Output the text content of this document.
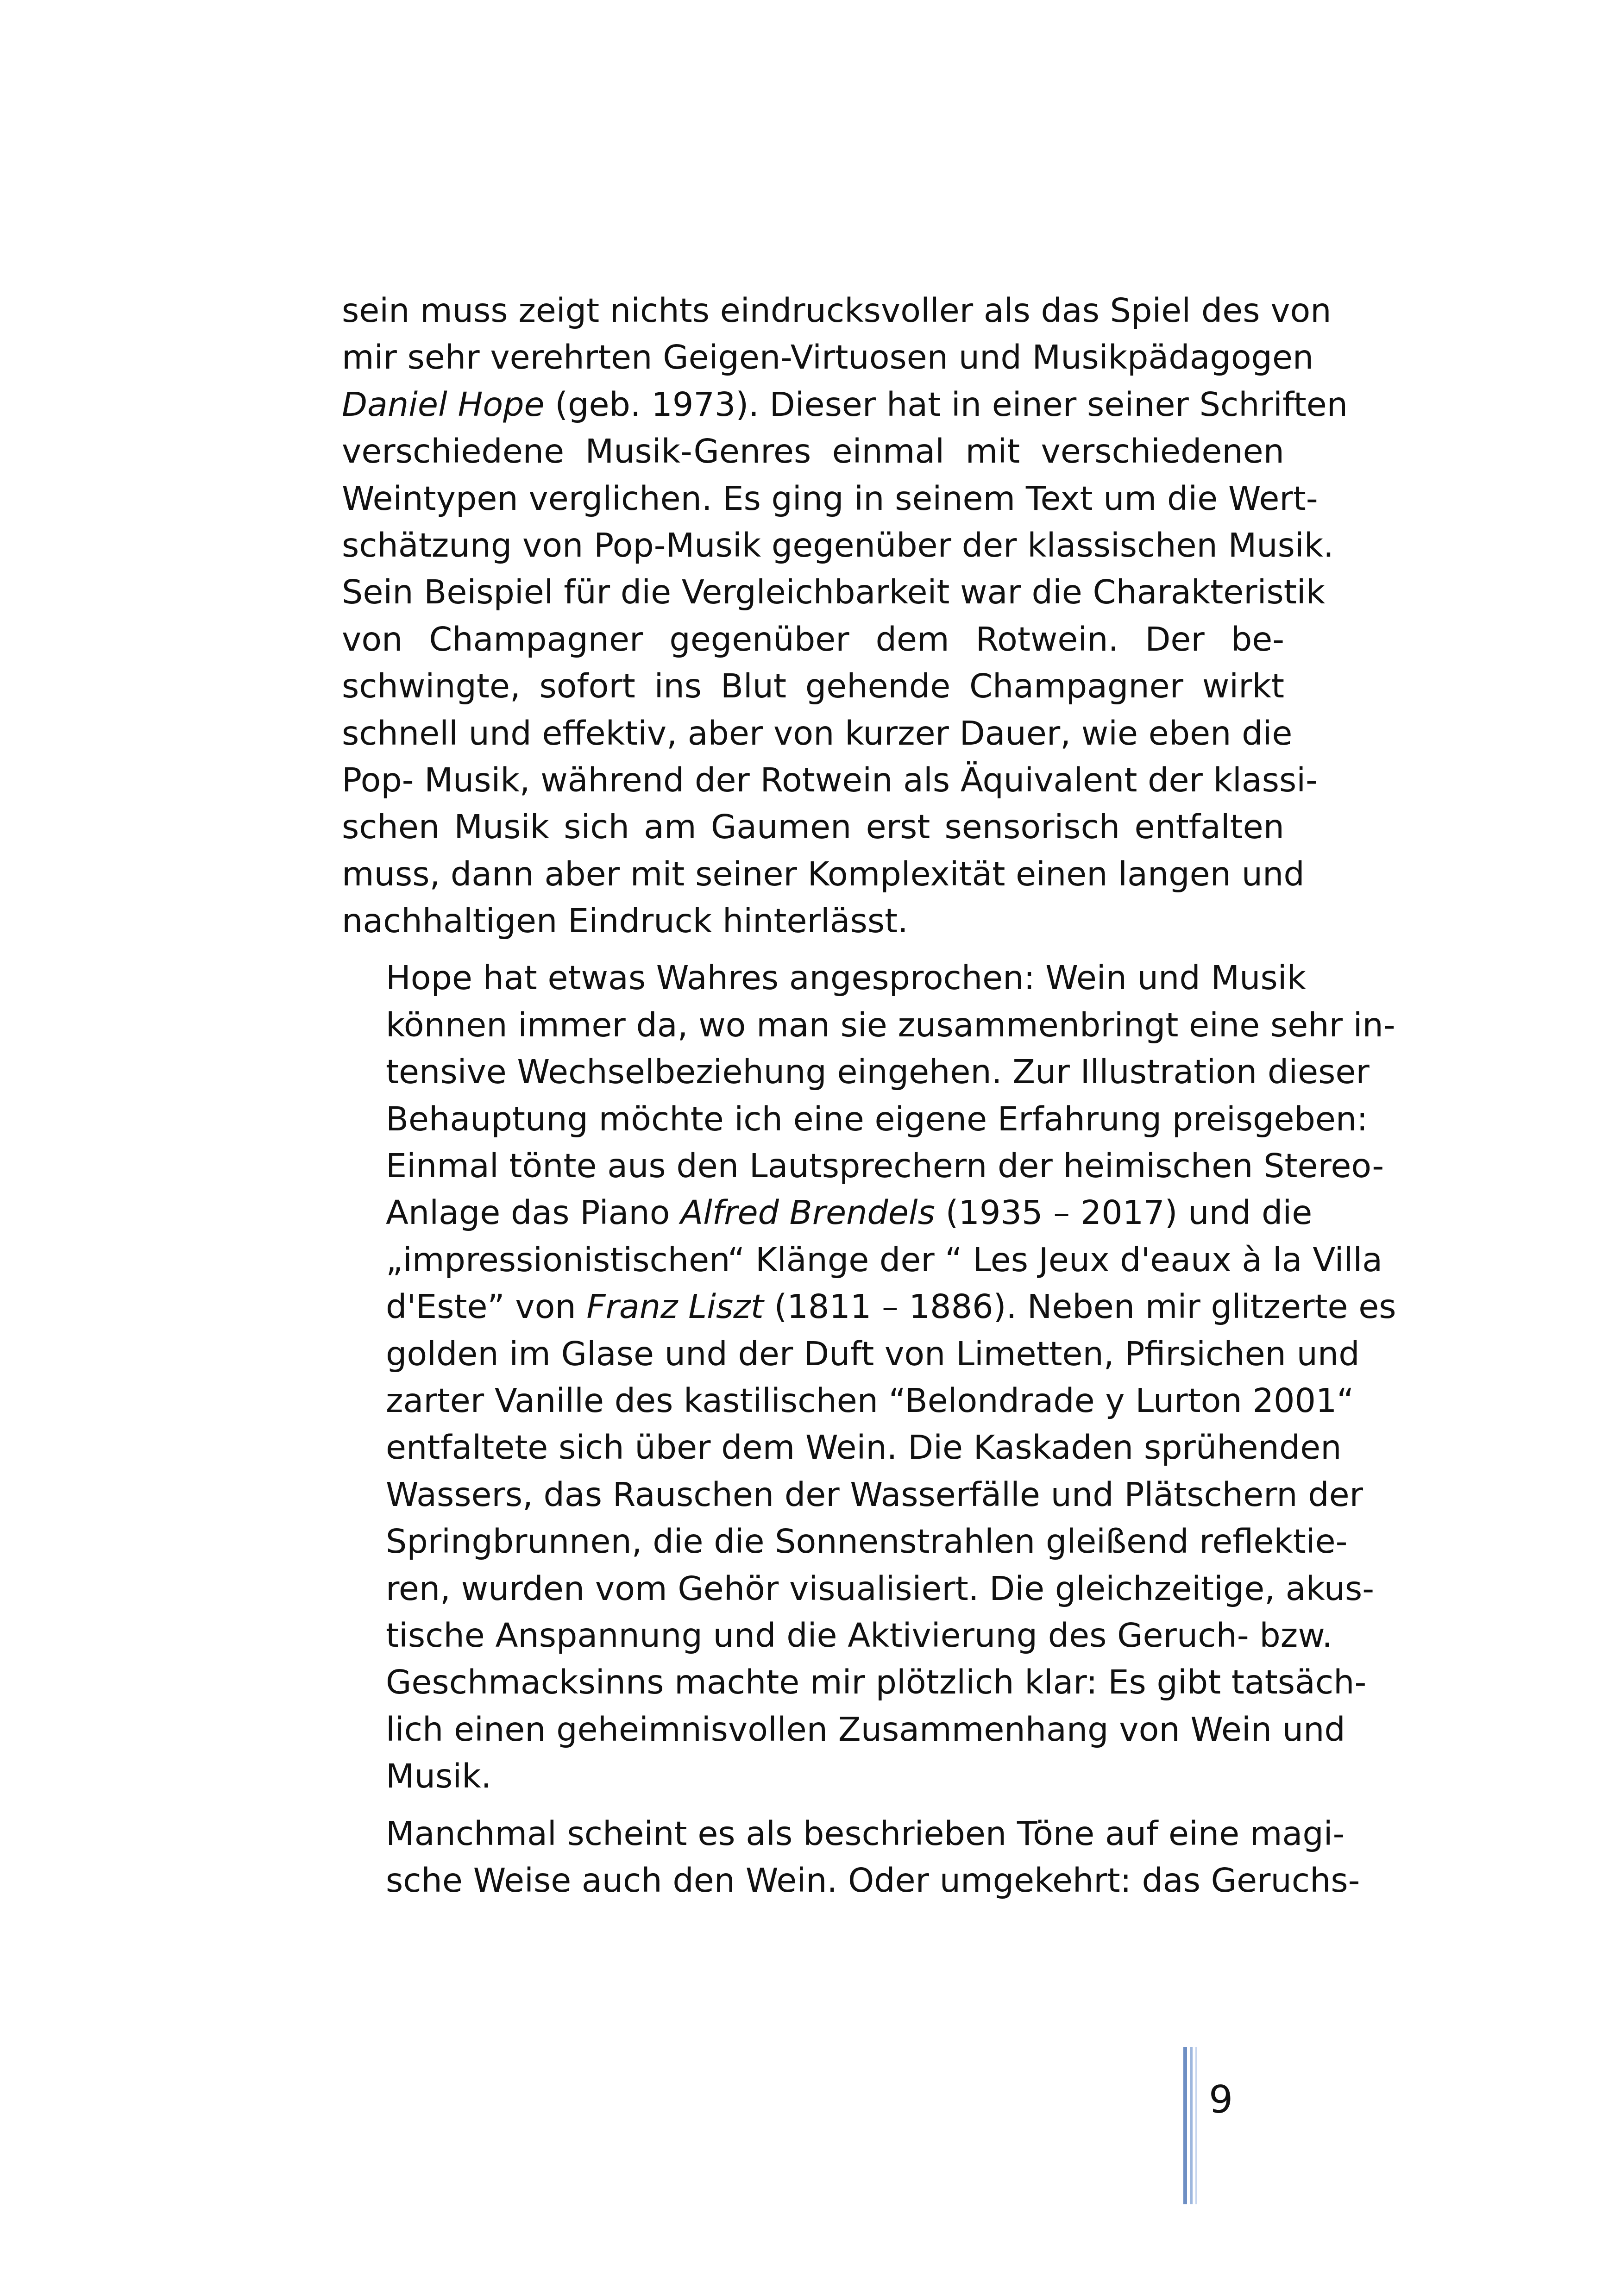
sein muss zeigt nichts eindrucksvoller als das Spiel des von
mir sehr verehrten Geigen-Virtuosen und Musikpädagogen
Daniel Hope (geb. 1973). Dieser hat in einer seiner Schriften
verschiedene Musik-Genres einmal mit verschiedenen
Weintypen verglichen. Es ging in seinem Text um die Wert-
schätzung von Pop-Musik gegenüber der klassischen Musik.
Sein Beispiel für die Vergleichbarkeit war die Charakteristik
von Champagner gegenüber dem Rotwein. Der be-
schwingte, sofort ins Blut gehende Champagner wirkt
schnell und effektiv, aber von kurzer Dauer, wie eben die
Pop- Musik, während der Rotwein als Äquivalent der klassi-
schen Musik sich am Gaumen erst sensorisch entfalten
muss, dann aber mit seiner Komplexität einen langen und
nachhaltigen Eindruck hinterlässt.

Hope hat etwas Wahres angesprochen: Wein und Musik
können immer da, wo man sie zusammenbringt eine sehr in-
tensive Wechselbeziehung eingehen. Zur Illustration dieser
Behauptung möchte ich eine eigene Erfahrung preisgeben:
Einmal tönte aus den Lautsprechern der heimischen Stereo-
Anlage das Piano Alfred Brendels (1935 – 2017) und die
„impressionistischen“ Klänge der “ Les Jeux d'eaux à la Villa
d'Este” von Franz Liszt (1811 – 1886). Neben mir glitzerte es
golden im Glase und der Duft von Limetten, Pfirsichen und
zarter Vanille des kastilischen “Belondrade y Lurton 2001“
entfaltete sich über dem Wein. Die Kaskaden sprühenden
Wassers, das Rauschen der Wasserfälle und Plätschern der
Springbrunnen, die die Sonnenstrahlen gleißend reflektie-
ren, wurden vom Gehör visualisiert. Die gleichzeitige, akus-
tische Anspannung und die Aktivierung des Geruch- bzw.
Geschmacksinns machte mir plötzlich klar: Es gibt tatsäch-
lich einen geheimnisvollen Zusammenhang von Wein und
Musik.

Manchmal scheint es als beschrieben Töne auf eine magi-
sche Weise auch den Wein. Oder umgekehrt: das Geruchs-

9
